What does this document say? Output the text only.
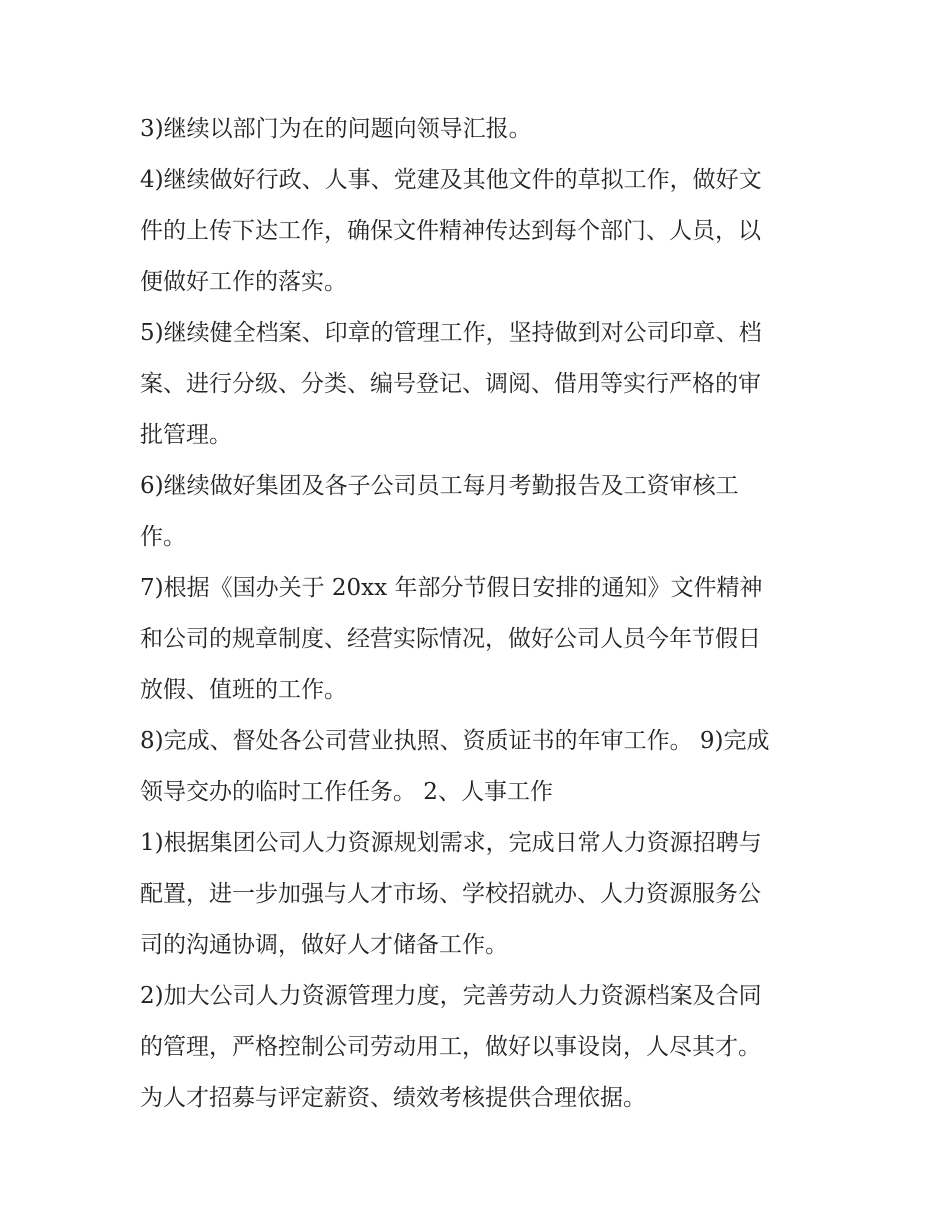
3)继续以部门为在的问题向领导汇报。
4)继续做好行政、人事、党建及其他文件的草拟工作，做好文
件的上传下达工作，确保文件精神传达到每个部门、人员，以
便做好工作的落实。
5)继续健全档案、印章的管理工作，坚持做到对公司印章、档
案、进行分级、分类、编号登记、调阅、借用等实行严格的审
批管理。
6)继续做好集团及各子公司员工每月考勤报告及工资审核工
作。
7)根据《国办关于 20xx 年部分节假日安排的通知》文件精神
和公司的规章制度、经营实际情况，做好公司人员今年节假日
放假、值班的工作。
8)完成、督处各公司营业执照、资质证书的年审工作。 9)完成
领导交办的临时工作任务。 2、人事工作
1)根据集团公司人力资源规划需求，完成日常人力资源招聘与
配置，进一步加强与人才市场、学校招就办、人力资源服务公
司的沟通协调，做好人才储备工作。
2)加大公司人力资源管理力度，完善劳动人力资源档案及合同
的管理，严格控制公司劳动用工，做好以事设岗，人尽其才。
为人才招募与评定薪资、绩效考核提供合理依据。
